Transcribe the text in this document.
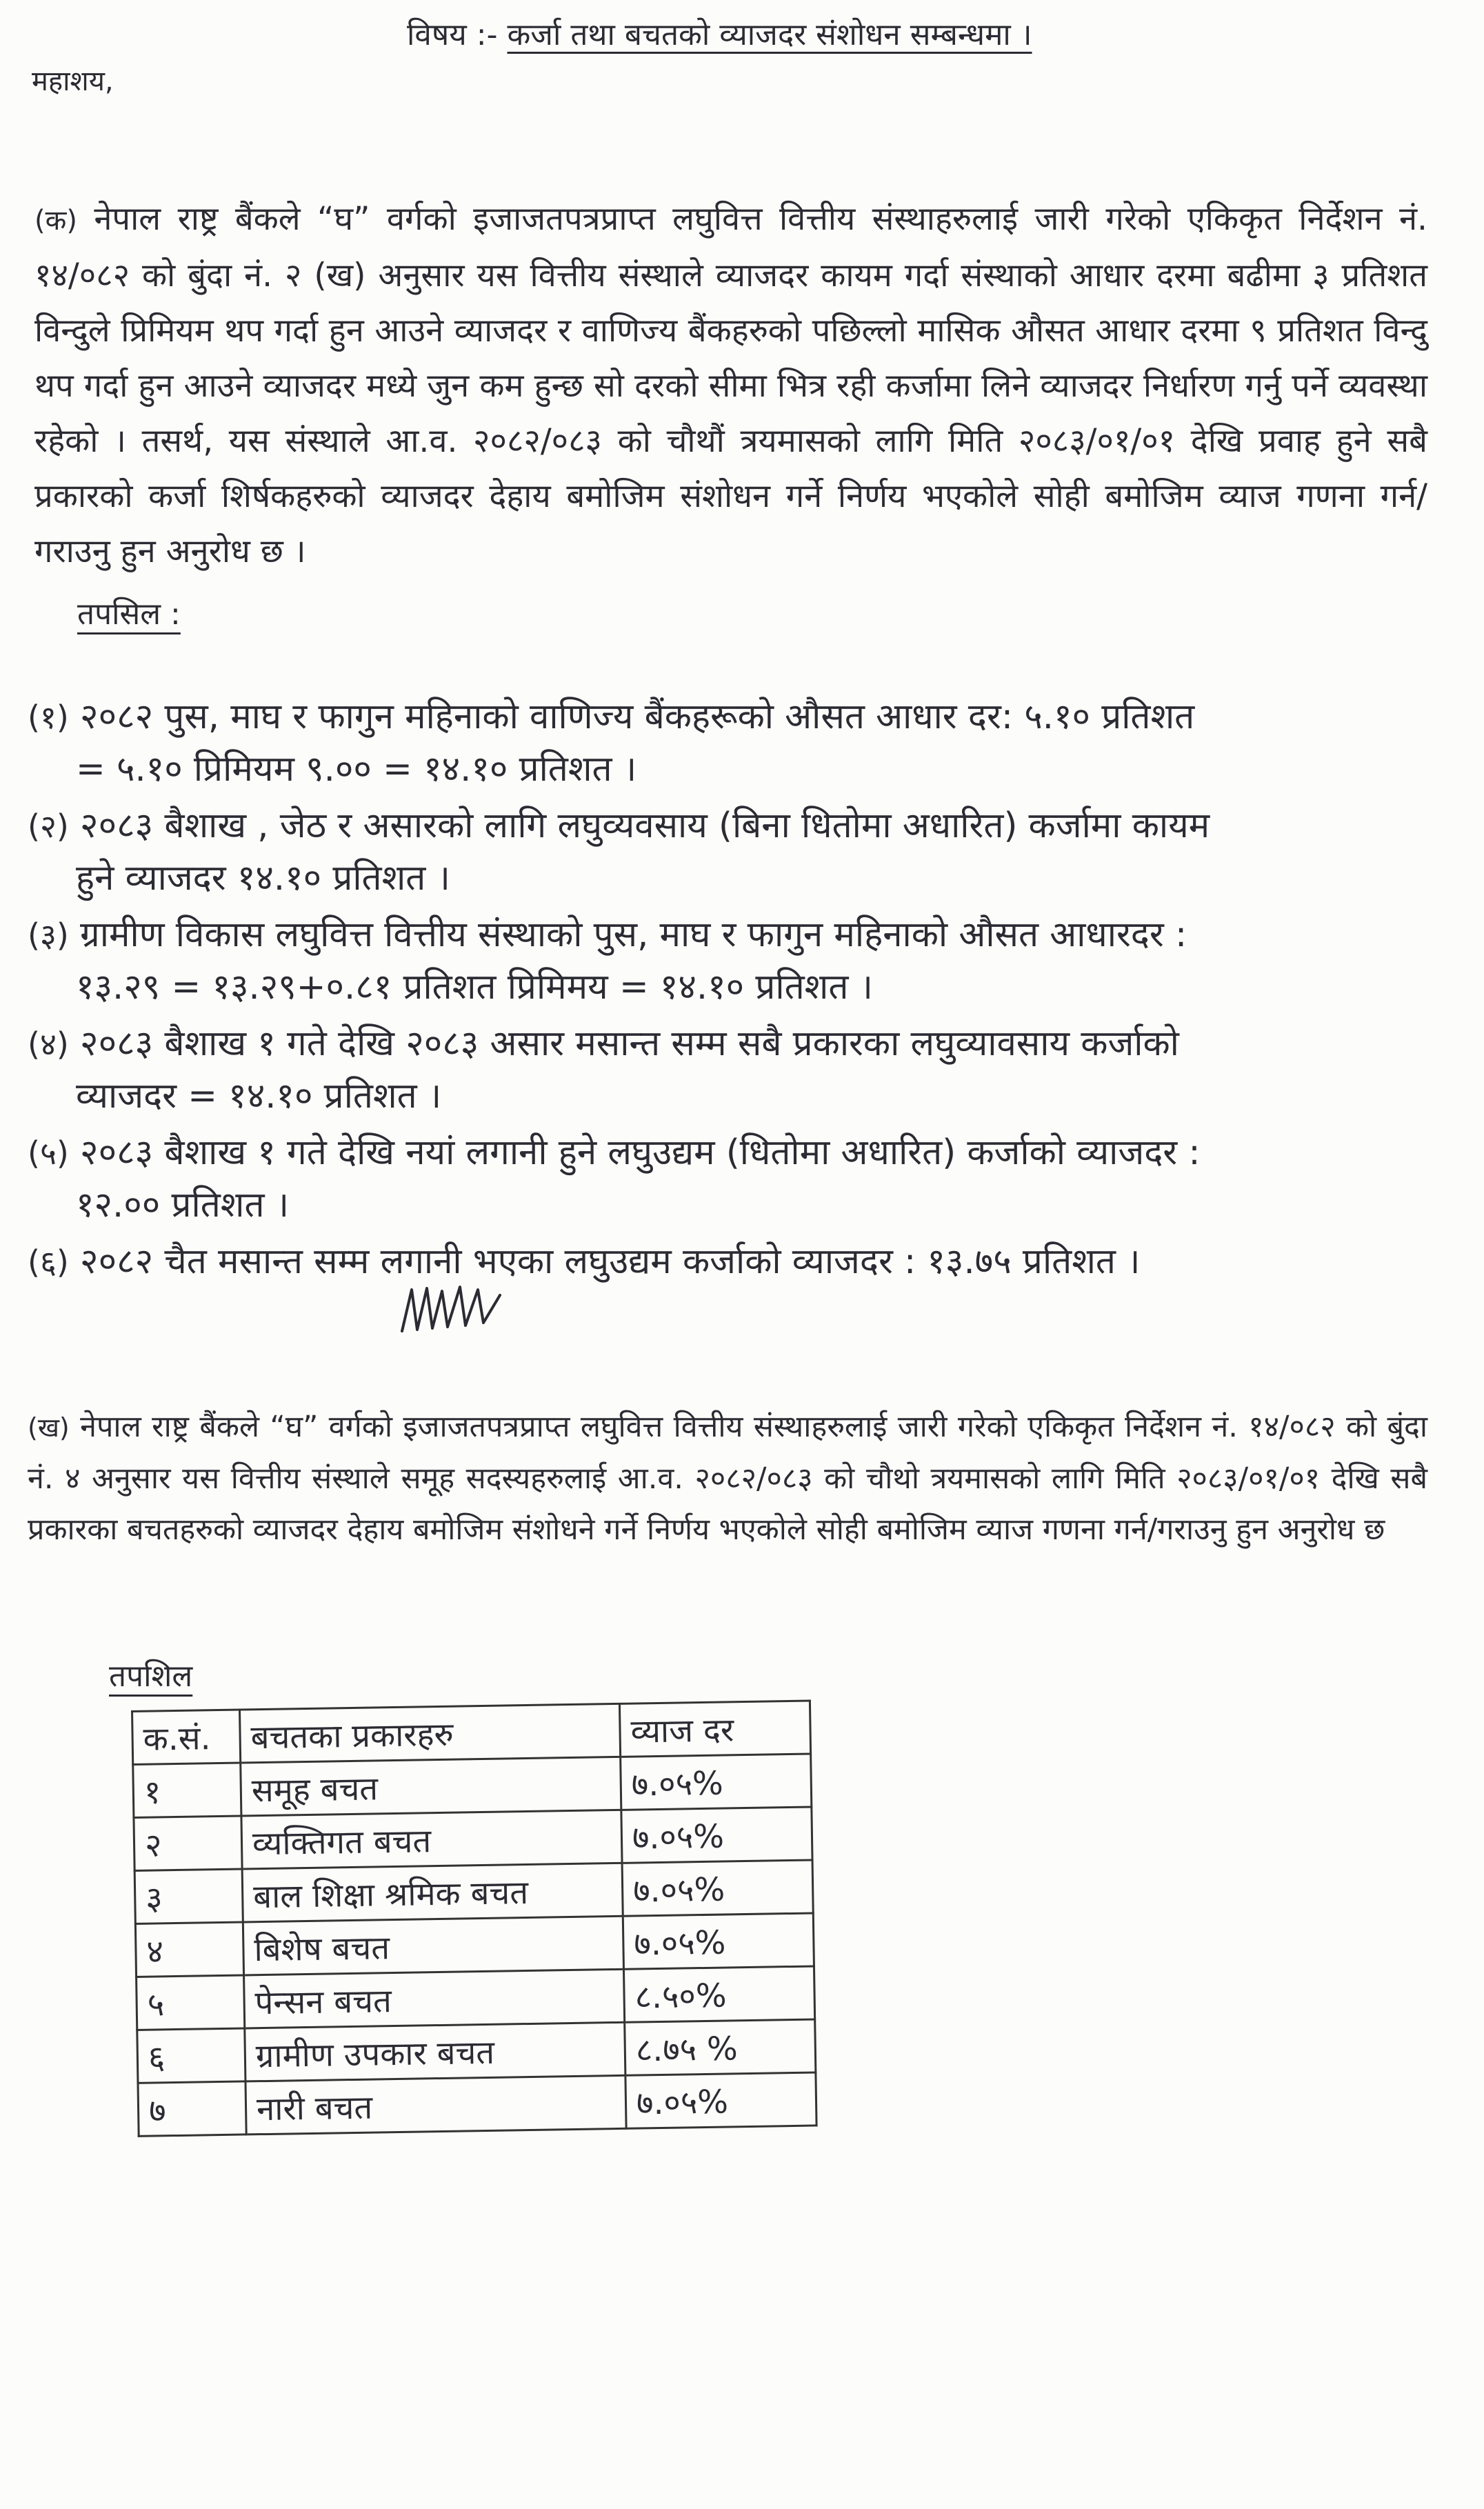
विषय :- कर्जा तथा बचतको व्याजदर संशोधन सम्बन्धमा ।
महाशय,
(क) नेपाल राष्ट्र बैंकले “घ” वर्गको इजाजतपत्रप्राप्त लघुवित्त वित्तीय संस्थाहरुलाई जारी गरेको एकिकृत निर्देशन नं. १४/०८२ को बुंदा नं. २ (ख) अनुसार यस वित्तीय संस्थाले व्याजदर कायम गर्दा संस्थाको आधार दरमा बढीमा ३ प्रतिशत विन्दुले प्रिमियम थप गर्दा हुन आउने व्याजदर र वाणिज्य बैंकहरुको पछिल्लो मासिक औसत आधार दरमा ९ प्रतिशत विन्दु थप गर्दा हुन आउने व्याजदर मध्ये जुन कम हुन्छ सो दरको सीमा भित्र रही कर्जामा लिने व्याजदर निर्धारण गर्नु पर्ने व्यवस्था रहेको । तसर्थ, यस संस्थाले आ.व. २०८२/०८३ को चौथौं त्रयमासको लागि मिति २०८३/०१/०१ देखि प्रवाह हुने सबै प्रकारको कर्जा शिर्षकहरुको व्याजदर देहाय बमोजिम संशोधन गर्ने निर्णय भएकोले सोही बमोजिम व्याज गणना गर्न/गराउनु हुन अनुरोध छ ।
तपसिल :
(१) २०८२ पुस, माघ र फागुन महिनाको वाणिज्य बैंकहरूको औसत आधार दर: ५.१० प्रतिशत
= ५.१० प्रिमियम ९.०० = १४.१० प्रतिशत ।
(२) २०८३ बैशाख , जेठ र असारको लागि लघुव्यवसाय (बिना धितोमा अधारित) कर्जामा कायम
हुने व्याजदर १४.१० प्रतिशत ।
(३) ग्रामीण विकास लघुवित्त वित्तीय संस्थाको पुस, माघ र फागुन महिनाको औसत आधारदर :
१३.२९ = १३.२९+०.८१ प्रतिशत प्रिमिमय = १४.१० प्रतिशत ।
(४) २०८३ बैशाख १ गते देखि २०८३ असार मसान्त सम्म सबै प्रकारका लघुव्यावसाय कर्जाको
व्याजदर = १४.१० प्रतिशत ।
(५) २०८३ बैशाख १ गते देखि नयां लगानी हुने लघुउद्यम (धितोमा अधारित) कर्जाको व्याजदर :
१२.०० प्रतिशत ।
(६) २०८२ चैत मसान्त सम्म लगानी भएका लघुउद्यम कर्जाको व्याजदर : १३.७५ प्रतिशत ।
(ख) नेपाल राष्ट्र बैंकले “घ” वर्गको इजाजतपत्रप्राप्त लघुवित्त वित्तीय संस्थाहरुलाई जारी गरेको एकिकृत निर्देशन नं. १४/०८२ को बुंदा नं. ४ अनुसार यस वित्तीय संस्थाले समूह सदस्यहरुलाई आ.व. २०८२/०८३ को चौथो त्रयमासको लागि मिति २०८३/०१/०१ देखि सबै प्रकारका बचतहरुको व्याजदर देहाय बमोजिम संशोधने गर्ने निर्णय भएकोले सोही बमोजिम व्याज गणना गर्न/गराउनु हुन अनुरोध छ
तपशिल
क.सं.	बचतका प्रकारहरु	व्याज दर
१	समूह बचत	७.०५%
२	व्यक्तिगत बचत	७.०५%
३	बाल शिक्षा श्रमिक बचत	७.०५%
४	बिशेष बचत	७.०५%
५	पेन्सन बचत	८.५०%
६	ग्रामीण उपकार बचत	८.७५ %
७	नारी बचत	७.०५%
